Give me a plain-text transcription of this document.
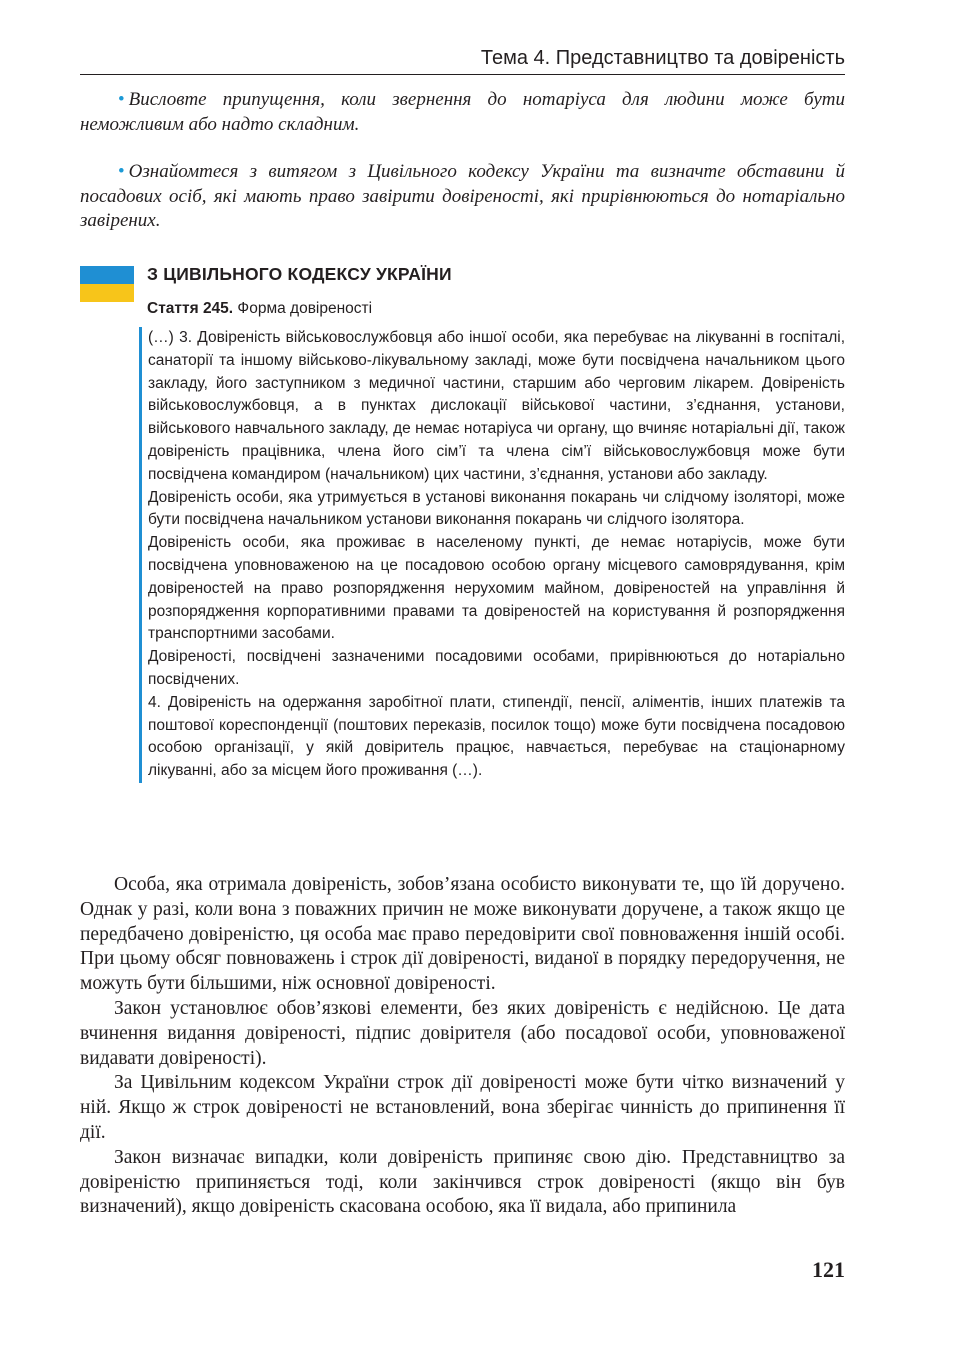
Тема 4. Представництво та довіреність

• Висловте припущення, коли звернення до нотаріуса для людини може бути неможливим або надто складним.

• Ознайомтеся з витягом з Цивільного кодексу України та визначте обставини й посадових осіб, які мають право завірити довіреності, які прирівнюються до нотаріально завірених.

З ЦИВІЛЬНОГО КОДЕКСУ УКРАЇНИ
Стаття 245. Форма довіреності

(…) 3. Довіреність військовослужбовця або іншої особи, яка перебуває на лікуванні в госпіталі, санаторії та іншому військово-лікувальному закладі, може бути посвідчена начальником цього закладу, його заступником з медичної частини, старшим або черговим лікарем. Довіреність військовослужбовця, а в пунктах дислокації військової частини, з’єднання, установи, військового навчального закладу, де немає нотаріуса чи органу, що вчиняє нотаріальні дії, також довіреність працівника, члена його сім’ї та члена сім’ї військовослужбовця може бути посвідчена командиром (начальником) цих частини, з’єднання, установи або закладу.

Довіреність особи, яка утримується в установі виконання покарань чи слідчому ізоляторі, може бути посвідчена начальником установи виконання покарань чи слідчого ізолятора.

Довіреність особи, яка проживає в населеному пункті, де немає нотаріусів, може бути посвідчена уповноваженою на це посадовою особою органу місцевого самоврядування, крім довіреностей на право розпорядження нерухомим майном, довіреностей на управління й розпорядження корпоративними правами та довіреностей на користування й розпорядження транспортними засобами.

Довіреності, посвідчені зазначеними посадовими особами, прирівнюються до нотаріально посвідчених.

4. Довіреність на одержання заробітної плати, стипендії, пенсії, аліментів, інших платежів та поштової кореспонденції (поштових переказів, посилок тощо) може бути посвідчена посадовою особою організації, у якій довіритель працює, навчається, перебуває на стаціонарному лікуванні, або за місцем його проживання (…).

Особа, яка отримала довіреність, зобов’язана особисто виконувати те, що їй доручено. Однак у разі, коли вона з поважних причин не може виконувати доручене, а також якщо це передбачено довіреністю, ця особа має право передовірити свої повноваження іншій особі. При цьому обсяг повноважень і строк дії довіреності, виданої в порядку передоручення, не можуть бути більшими, ніж основної довіреності.

Закон установлює обов’язкові елементи, без яких довіреність є недійсною. Це дата вчинення видання довіреності, підпис довірителя (або посадової особи, уповноваженої видавати довіреності).

За Цивільним кодексом України строк дії довіреності може бути чітко визначений у ній. Якщо ж строк довіреності не встановлений, вона зберігає чинність до припинення її дії.

Закон визначає випадки, коли довіреність припиняє свою дію. Представництво за довіреністю припиняється тоді, коли закінчився строк довіреності (якщо він був визначений), якщо довіреність скасована особою, яка її видала, або припинила

121
